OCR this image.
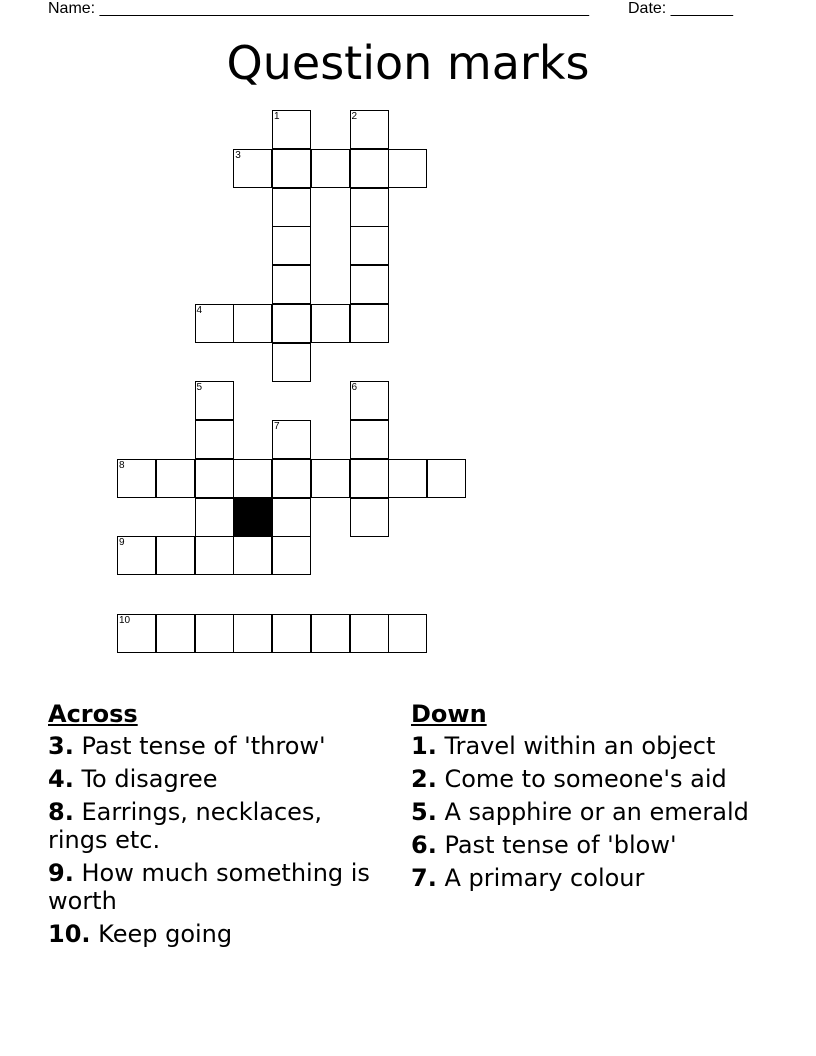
Name: _______________________________________________________ Date: _______
Question marks
1	2
3
4
5	6
7
8
9
10
Across
3. Past tense of 'throw'
4. To disagree
8. Earrings, necklaces, rings etc.
9. How much something is worth
10. Keep going
Down
1. Travel within an object
2. Come to someone's aid
5. A sapphire or an emerald
6. Past tense of 'blow'
7. A primary colour
